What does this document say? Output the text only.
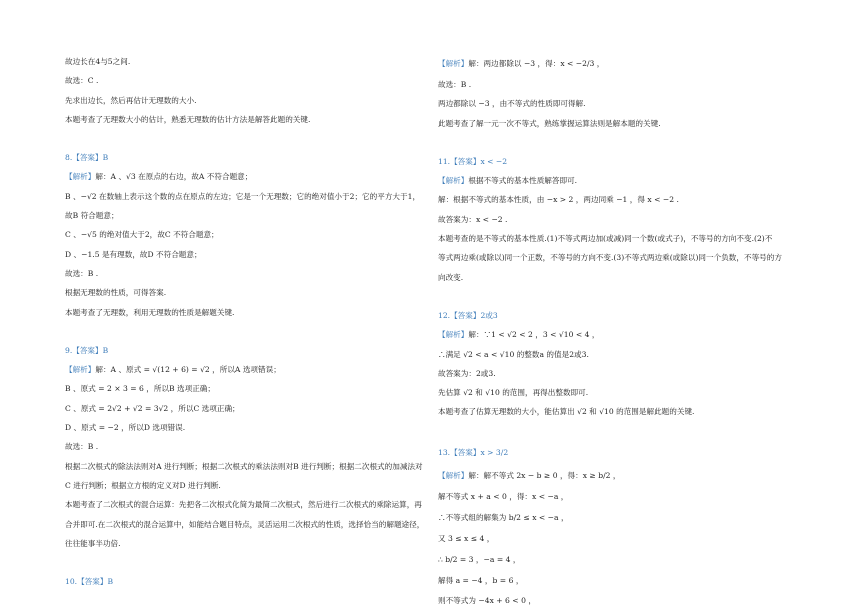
故边长在4与5之间.
故选：C .
先求出边长，然后再估计无理数的大小.
本题考查了无理数大小的估计，熟悉无理数的估计方法是解答此题的关键.
8.【答案】B
【解析】解：A 、√3 在原点的右边，故A 不符合题意；
B 、−√2 在数轴上表示这个数的点在原点的左边；它是一个无理数；它的绝对值小于2；它的平方大于1，
故B 符合题意；
C 、−√5 的绝对值大于2，故C 不符合题意；
D 、−1.5 是有理数，故D 不符合题意；
故选：B .
根据无理数的性质，可得答案.
本题考查了无理数，利用无理数的性质是解题关键.
9.【答案】B
【解析】解：A 、原式 = √(12 + 6) = √2 ，所以A 选项错误；
B 、原式 = 2 × 3 = 6 ，所以B 选项正确；
C 、原式 = 2√2 + √2 = 3√2 ，所以C 选项正确；
D 、原式 = −2 ，所以D 选项错误.
故选：B .
根据二次根式的除法法则对A 进行判断；根据二次根式的乘法法则对B 进行判断；根据二次根式的加减法对
C 进行判断；根据立方根的定义对D 进行判断.
本题考查了二次根式的混合运算：先把各二次根式化简为最简二次根式，然后进行二次根式的乘除运算，再
合并即可.在二次根式的混合运算中，如能结合题目特点，灵活运用二次根式的性质，选择恰当的解题途径，
往往能事半功倍.
10.【答案】B
【解析】解：两边都除以 −3 ，得：x < −2/3 ，
故选：B .
两边都除以 −3 ，由不等式的性质即可得解.
此题考查了解一元一次不等式，熟练掌握运算法则是解本题的关键.
11.【答案】x < −2
【解析】根据不等式的基本性质解答即可.
解：根据不等式的基本性质，由 −x > 2 ，两边同乘 −1 ，得 x < −2 .
故答案为：x < −2 .
本题考查的是不等式的基本性质.(1)不等式两边加(或减)同一个数(或式子)，不等号的方向不变.(2)不
等式两边乘(或除以)同一个正数，不等号的方向不变.(3)不等式两边乘(或除以)同一个负数，不等号的方
向改变.
12.【答案】2或3
【解析】解：∵1 < √2 < 2 ，3 < √10 < 4 ，
∴满足 √2 < a < √10 的整数a 的值是2或3.
故答案为：2或3.
先估算 √2 和 √10 的范围，再得出整数即可.
本题考查了估算无理数的大小，能估算出 √2 和 √10 的范围是解此题的关键.
13.【答案】x > 3/2
【解析】解：解不等式 2x − b ≥ 0 ，得：x ≥ b/2 ，
解不等式 x + a < 0 ，得：x < −a ，
∴不等式组的解集为 b/2 ≤ x < −a ，
又 3 ≤ x ≤ 4 ，
∴ b/2 = 3 ，−a = 4 ，
解得 a = −4 ，b = 6 ，
则不等式为 −4x + 6 < 0 ，
